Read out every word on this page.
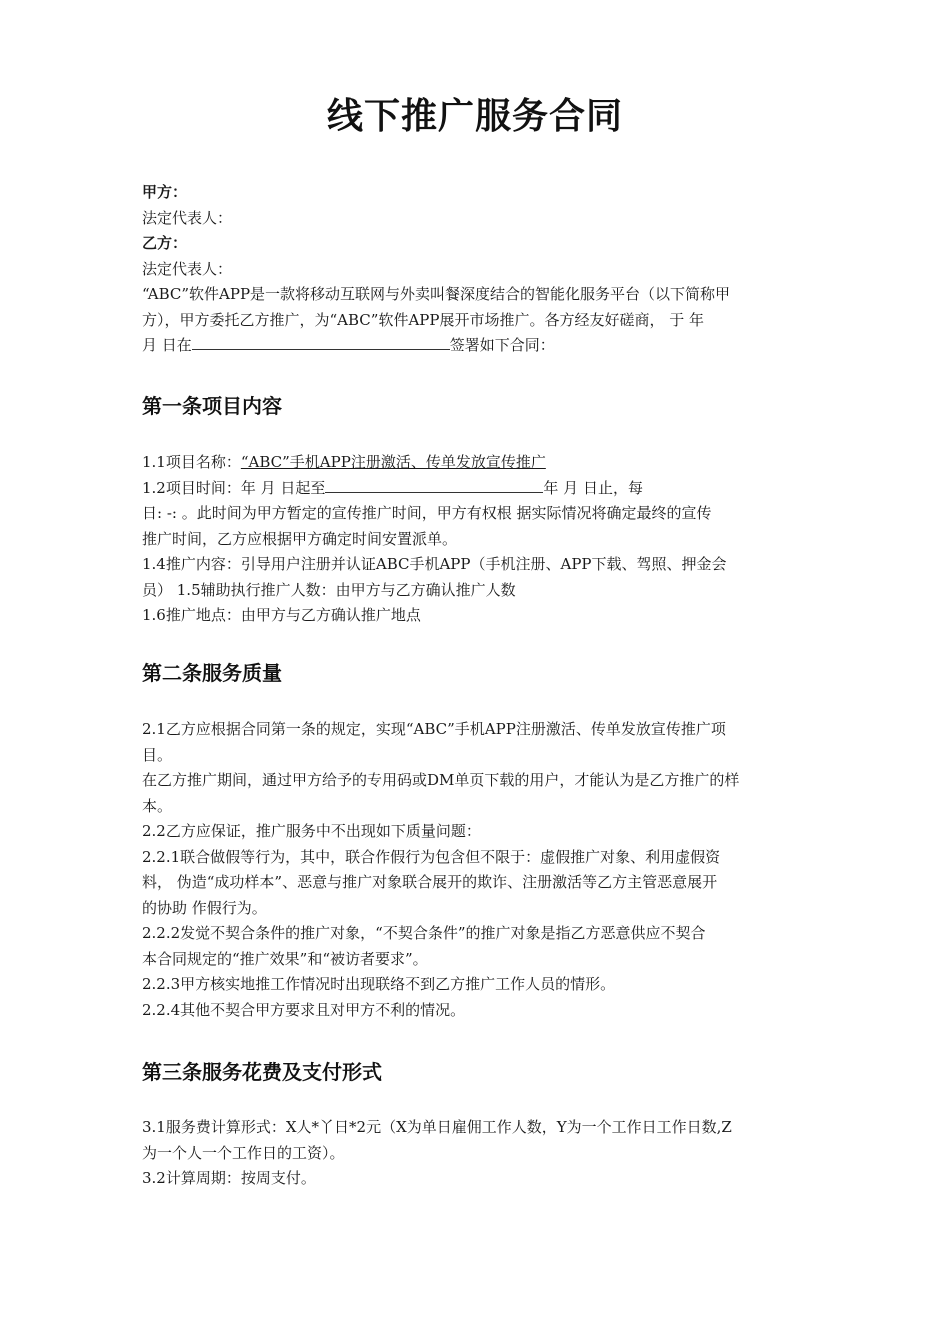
线下推广服务合同
甲方：
法定代表人：
乙方：
法定代表人：
“ABC”软件APP是一款将移动互联网与外卖叫餐深度结合的智能化服务平台（以下简称甲
方），甲方委托乙方推广，为“ABC”软件APP展开市场推广。各方经友好磋商， 于 年
月 日在	签署如下合同：
第一条项目内容
1.1项目名称：“ABC”手机APP注册激活、传单发放宣传推广
1.2项目时间：年 月 日起至	年 月 日止，每
日: -: 。此时间为甲方暂定的宣传推广时间，甲方有权根 据实际情况将确定最终的宣传
推广时间，乙方应根据甲方确定时间安置派单。
1.4推广内容：引导用户注册并认证ABC手机APP（手机注册、APP下载、驾照、押金会
员） 1.5辅助执行推广人数：由甲方与乙方确认推广人数
1.6推广地点：由甲方与乙方确认推广地点
第二条服务质量
2.1乙方应根据合同第一条的规定，实现“ABC”手机APP注册激活、传单发放宣传推广项
目。
在乙方推广期间，通过甲方给予的专用码或DM单页下载的用户，才能认为是乙方推广的样
本。
2.2乙方应保证，推广服务中不出现如下质量问题：
2.2.1联合做假等行为，其中，联合作假行为包含但不限于：虚假推广对象、利用虚假资
料， 伪造“成功样本”、恶意与推广对象联合展开的欺诈、注册激活等乙方主管恶意展开
的协助 作假行为。
2.2.2发觉不契合条件的推广对象，“不契合条件”的推广对象是指乙方恶意供应不契合
本合同规定的“推广效果”和“被访者要求”。
2.2.3甲方核实地推工作情况时出现联络不到乙方推广工作人员的情形。
2.2.4其他不契合甲方要求且对甲方不利的情况。
第三条服务花费及支付形式
3.1服务费计算形式：X人*丫日*2元（X为单日雇佣工作人数，Y为一个工作日工作日数,Z
为一个人一个工作日的工资）。
3.2计算周期：按周支付。
